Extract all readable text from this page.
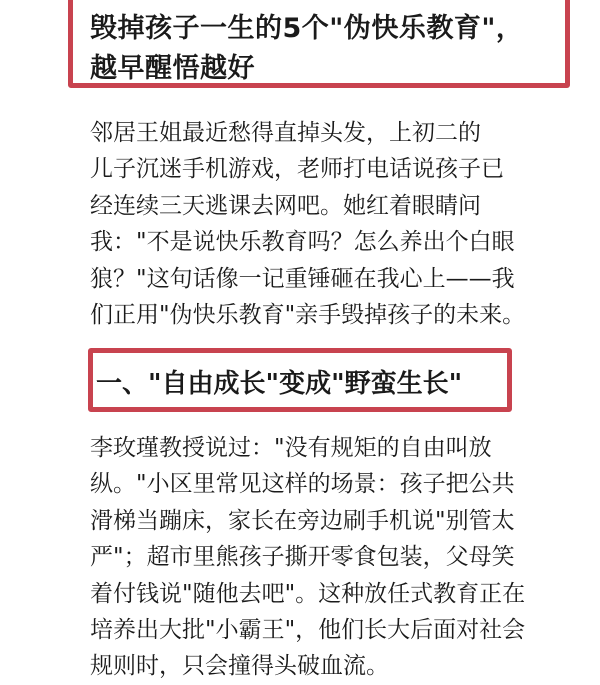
毁掉孩子一生的5个"伪快乐教育"，
越早醒悟越好
邻居王姐最近愁得直掉头发，上初二的
儿子沉迷手机游戏，老师打电话说孩子已
经连续三天逃课去网吧。她红着眼睛问
我："不是说快乐教育吗？怎么养出个白眼
狼？"这句话像一记重锤砸在我心上——我
们正用"伪快乐教育"亲手毁掉孩子的未来。
一、"自由成长"变成"野蛮生长"
李玫瑾教授说过："没有规矩的自由叫放
纵。"小区里常见这样的场景：孩子把公共
滑梯当蹦床，家长在旁边刷手机说"别管太
严"；超市里熊孩子撕开零食包装，父母笑
着付钱说"随他去吧"。这种放任式教育正在
培养出大批"小霸王"，他们长大后面对社会
规则时，只会撞得头破血流。
